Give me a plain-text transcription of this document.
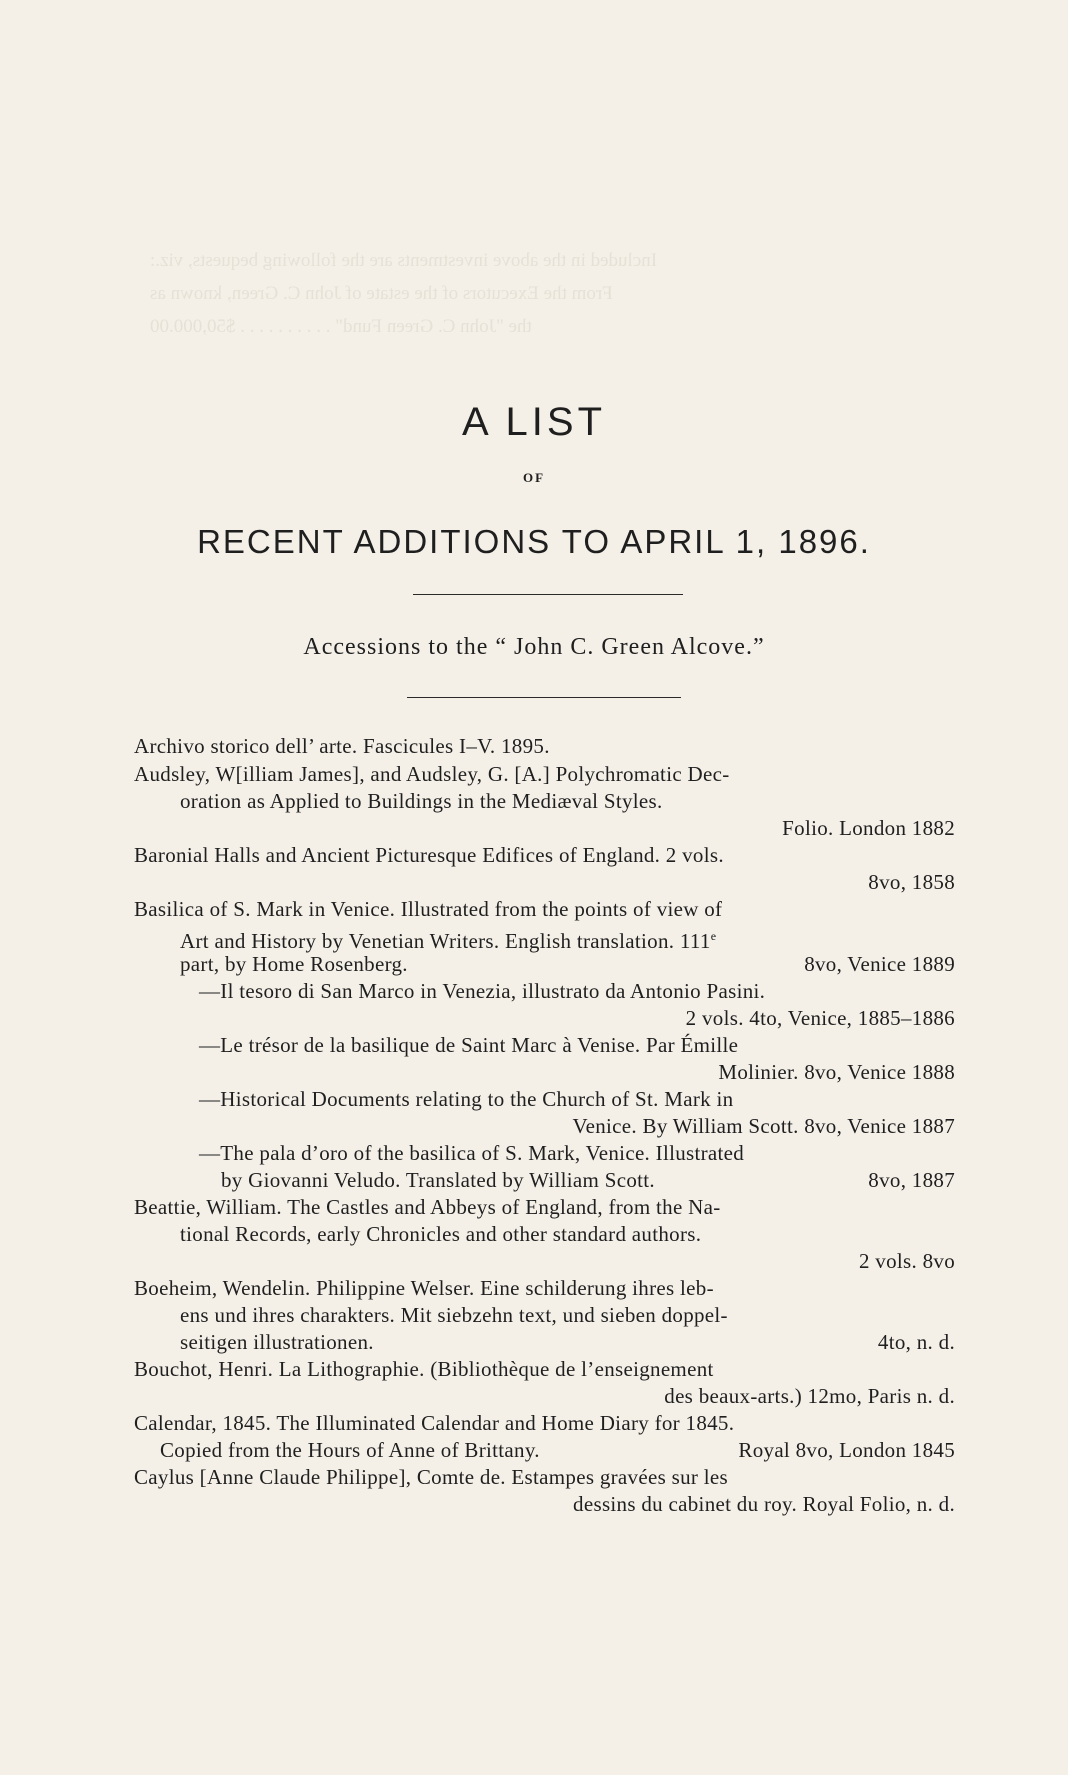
Included in the above investments are the following bequests, viz.:
From the Executors of the estate of John C. Green, known as
the "John C. Green Fund" . . . . . . . . . . $50,000.00
A LIST
OF
RECENT ADDITIONS TO APRIL 1, 1896.
Accessions to the “ John C. Green Alcove.”
Archivo storico dell’ arte. Fascicules I–V. 1895.
Audsley, W[illiam James], and Audsley, G. [A.] Polychromatic Dec-
oration as Applied to Buildings in the Mediæval Styles.
Folio. London 1882
Baronial Halls and Ancient Picturesque Edifices of England. 2 vols.
8vo, 1858
Basilica of S. Mark in Venice. Illustrated from the points of view of
Art and History by Venetian Writers. English translation. 111e
part, by Home Rosenberg.	8vo, Venice 1889
—Il tesoro di San Marco in Venezia, illustrato da Antonio Pasini.
2 vols. 4to, Venice, 1885–1886
—Le trésor de la basilique de Saint Marc à Venise. Par Émille
Molinier. 8vo, Venice 1888
—Historical Documents relating to the Church of St. Mark in
Venice. By William Scott. 8vo, Venice 1887
—The pala d’oro of the basilica of S. Mark, Venice. Illustrated
by Giovanni Veludo. Translated by William Scott.	8vo, 1887
Beattie, William. The Castles and Abbeys of England, from the Na-
tional Records, early Chronicles and other standard authors.
2 vols. 8vo
Boeheim, Wendelin. Philippine Welser. Eine schilderung ihres leb-
ens und ihres charakters. Mit siebzehn text, und sieben doppel-
seitigen illustrationen.	4to, n. d.
Bouchot, Henri. La Lithographie. (Bibliothèque de l’enseignement
des beaux-arts.) 12mo, Paris n. d.
Calendar, 1845. The Illuminated Calendar and Home Diary for 1845.
Copied from the Hours of Anne of Brittany.	Royal 8vo, London 1845
Caylus [Anne Claude Philippe], Comte de. Estampes gravées sur les
dessins du cabinet du roy. Royal Folio, n. d.
